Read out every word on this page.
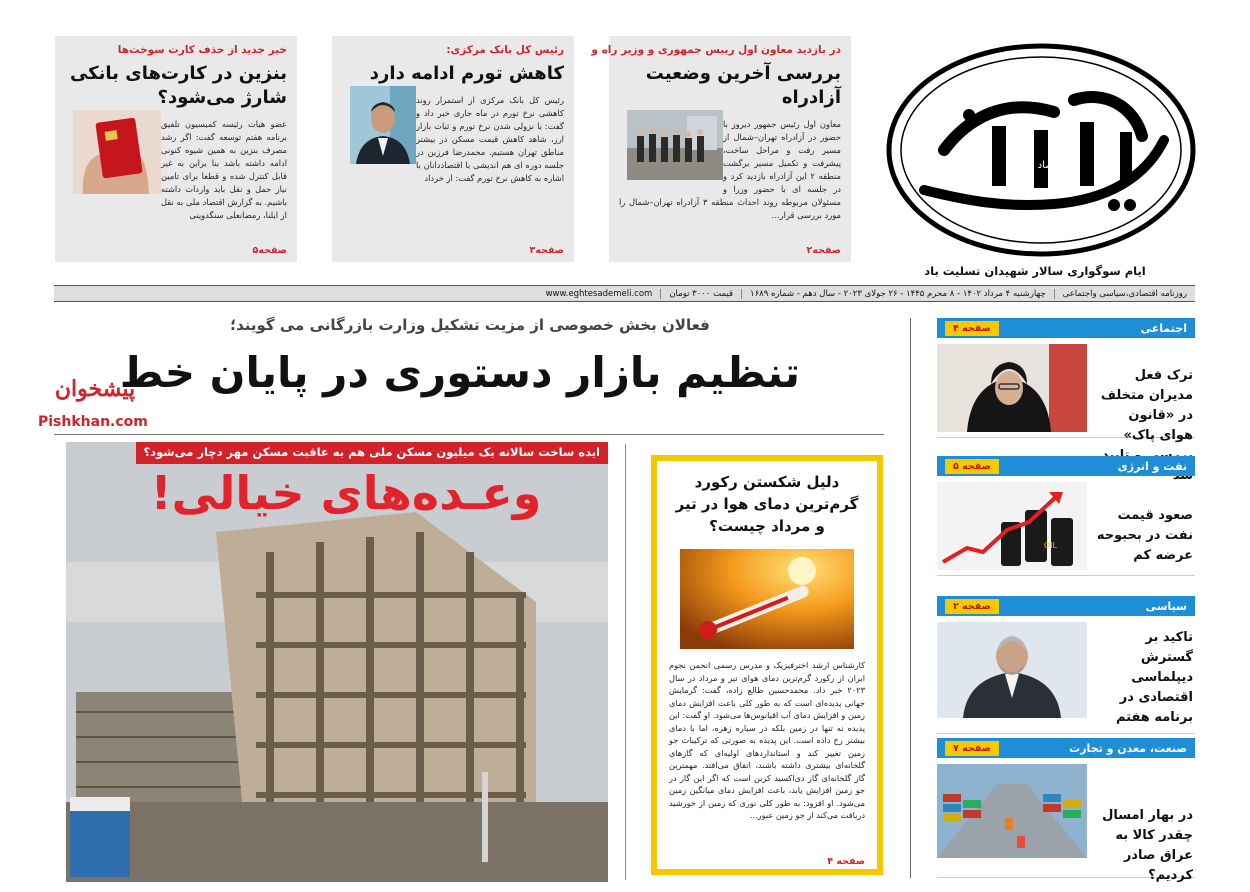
در بازدید معاون اول رییس جمهوری و وزیر راه و
بررسی آخرین وضعیت آزادراه
معاون اول رئیس جمهور دیروز با حضور در آزادراه تهران–شمال از مسیر رفت و مراحل ساخت، پیشرفت و تکمیل مسیر برگشت منطقه ۲ این آزادراه بازدید کرد و در جلسه ای با حضور وزرا و مسئولان مربوطه روند احداث منطقه ۳ آزادراه تهران–شمال را مورد بررسی قرار...
صفحه۲
رئیس کل بانک مرکزی:
کاهش تورم ادامه دارد
رئیس کل بانک مرکزی از استمرار روند کاهشی نرخ تورم در ماه جاری خبر داد و گفت: با نزولی شدن نرخ تورم و ثبات بازار ارز، شاهد کاهش قیمت مسکن در بیشتر مناطق تهران هستیم. محمدرضا فرزین در جلسه دوره ای هم اندیشی با اقتصاددانان با اشاره به کاهش نرخ تورم گفت: از خرداد
صفحه۳
خبر جدید از حذف کارت سوخت‌ها
بنزین در کارت‌های بانکی شارژ می‌شود؟
عضو هیات رئیسه کمیسیون تلفیق برنامه هفتم توسعه گفت: اگر رشد مصرف بنزین به همین شیوه کنونی ادامه داشته باشد بنا براین به غیر قابل کنترل شده و قطعا برای تامین نیاز حمل و نقل باید واردات داشته باشیم. به گزارش اقتصاد ملی به نقل از ایلنا، رمضانعلی سنگدوینی
صفحه۵
اقتصاد ملی
ایام سوگواری سالار شهیدان تسلیت باد
روزنامه اقتصادی،سیاسی واجتماعی
چهارشنبه ۴ مرداد ۱۴۰۲ - ۸ محرم ۱۴۴۵ - ۲۶ جولای ۲۰۲۳ - سال دهم - شماره ۱۶۸۹
قیمت ۳۰۰۰ تومان
www.eghtesademeli.com
اجتماعی
صفحه ۴
ترک فعل مدیران متخلف در «قانون هوای پاک»
نفت و انرژی
صفحه ۵
صعود قیمت نفت در بحبوحه عرضه کم
OIL
سیاسی
صفحه ۲
تاکید بر گسترش دیپلماسی اقتصادی در برنامه هفتم
صنعت، معدن و تجارت
صفحه ۷
در بهار امسال چقدر کالا به عراق صادر کردیم؟
فعالان بخش خصوصی از مزیت تشکیل وزارت بازرگانی می گویند؛
تنظیم بازار دستوری در پایان خط
پیشخوان
Pishkhan.com
ایده ساخت سالانه یک میلیون مسکن ملی هم به عاقبت مسکن مهر دچار می‌شود؟
وعـده‌های خیالی!	دلیل شکستن رکورد گرم‌ترین دمای هوا در تیر و مرداد چیست؟
کارشناس ارشد اخترفیزیک و مدرس رسمی انجمن نجوم ایران از رکورد گرم‌ترین دمای هوای تیر و مرداد در سال ۲۰۲۳ خبر داد. محمدحسین طالع زاده، گفت: گرمایش جهانی پدیده‌ای است که به طور کلی باعث افزایش دمای زمین و افزایش دمای آب اقیانوس‌ها می‌شود. او گفت: این پدیده نه تنها در زمین بلکه در سیاره زهره، اما با دمای بیشتر رخ داده است. این پدیده به صورتی که ترکیبات جو زمین تغییر کند و استانداردهای اولیه‌ای که گازهای گلخانه‌ای بیشتری داشته باشند، اتفاق می‌افتد. مهمترین گاز گلخانه‌ای گاز دی‌اکسید کربن است که اگر این گاز در جو زمین افزایش یابد، باعث افزایش دمای میانگین زمین می‌شود. او افزود: به طور کلی نوری که زمین از خورشید دریافت می‌کند از جو زمین عبور...
صفحه ۴
